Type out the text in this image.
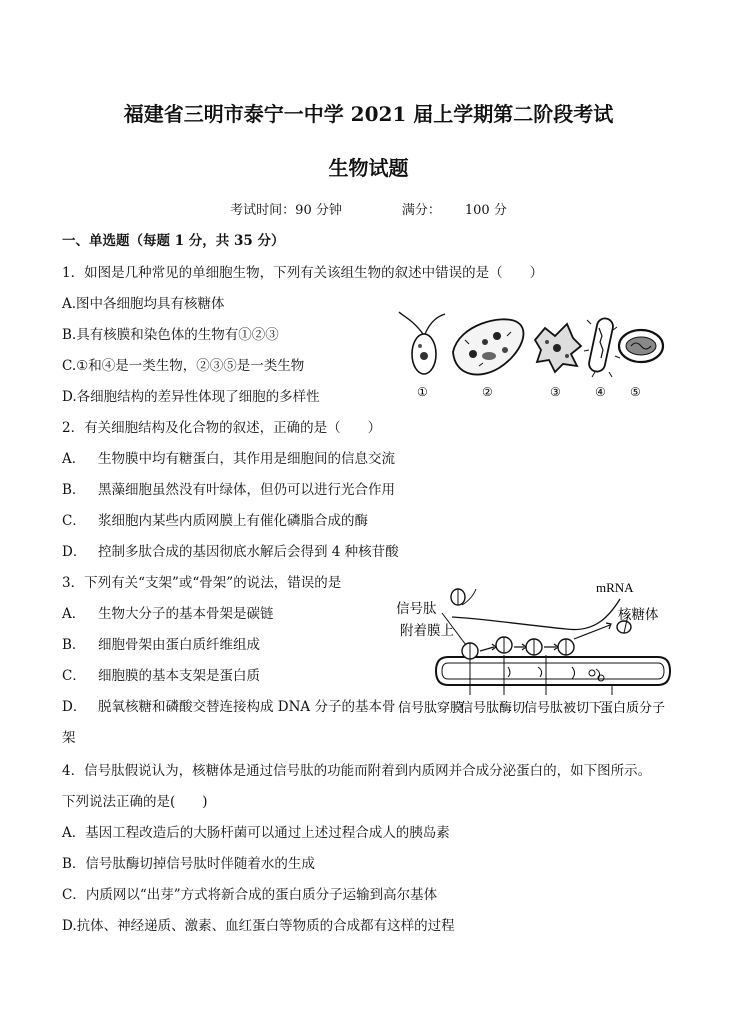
福建省三明市泰宁一中学 2021 届上学期第二阶段考试
生物试题
考试时间：90 分钟	满分： 100 分
一、单选题（每题 1 分，共 35 分）
1．如图是几种常见的单细胞生物，下列有关该组生物的叙述中错误的是（　　）
A.图中各细胞均具有核糖体
B.具有核膜和染色体的生物有①②③
C.①和④是一类生物，②③⑤是一类生物
D.各细胞结构的差异性体现了细胞的多样性	①	②	③	④ ⑤
2．有关细胞结构及化合物的叙述，正确的是（　　）
A． 生物膜中均有糖蛋白，其作用是细胞间的信息交流
B． 黑藻细胞虽然没有叶绿体，但仍可以进行光合作用
C． 浆细胞内某些内质网膜上有催化磷脂合成的酶
D． 控制多肽合成的基因彻底水解后会得到 4 种核苷酸
3．下列有关“支架”或“骨架”的说法，错误的是
A． 生物大分子的基本骨架是碳链
B． 细胞骨架由蛋白质纤维组成
C． 细胞膜的基本支架是蛋白质
D． 脱氧核糖和磷酸交替连接构成 DNA 分子的基本骨
架
mRNA
信号肽
附着膜上
核糖体
信号肽穿膜
信号肽酶切
信号肽被切下
蛋白质分子
4．信号肽假说认为，核糖体是通过信号肽的功能而附着到内质网并合成分泌蛋白的，如下图所示。
下列说法正确的是(　　)
A．基因工程改造后的大肠杆菌可以通过上述过程合成人的胰岛素
B．信号肽酶切掉信号肽时伴随着水的生成
C．内质网以“出芽”方式将新合成的蛋白质分子运输到高尔基体
D.抗体、神经递质、激素、血红蛋白等物质的合成都有这样的过程
